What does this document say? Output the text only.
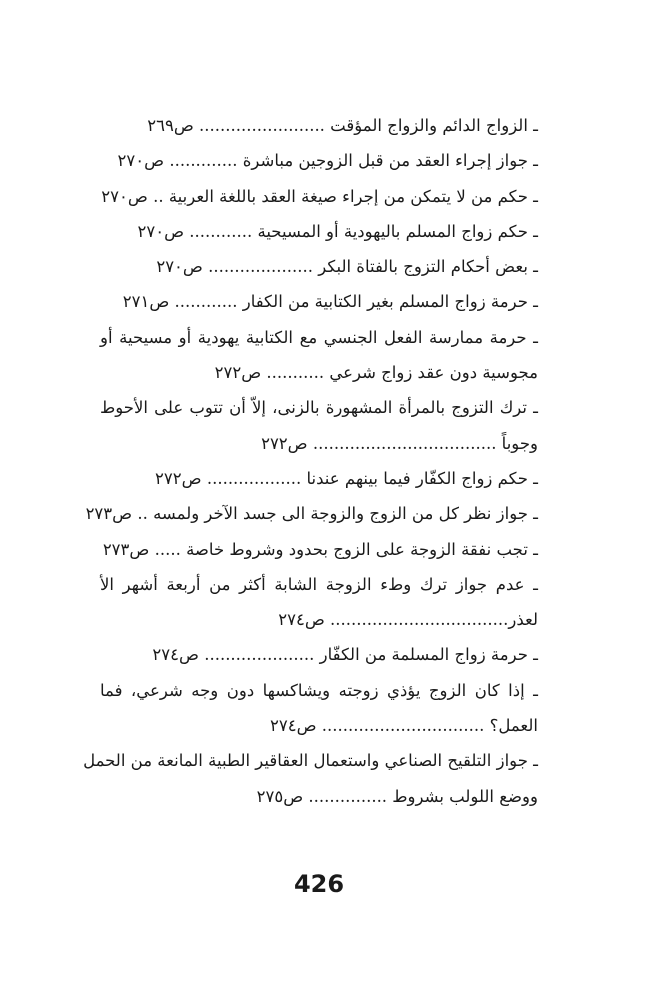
ـ الزواج الدائم والزواج المؤقت ........................ ص٢٦٩
ـ جواز إجراء العقد من قبل الزوجين مباشرة ............. ص٢٧٠
ـ حكم من لا يتمكن من إجراء صيغة العقد باللغة العربية .. ص٢٧٠
ـ حكم زواج المسلم باليهودية أو المسيحية ............ ص٢٧٠
ـ بعض أحكام التزوج بالفتاة البكر .................... ص٢٧٠
ـ حرمة زواج المسلم بغير الكتابية من الكفار ............ ص٢٧١
ـ حرمة ممارسة الفعل الجنسي مع الكتابية يهودية أو مسيحية أو
مجوسية دون عقد زواج شرعي ........... ص٢٧٢
ـ ترك التزوج بالمرأة المشهورة بالزنى، إلاّ أن تتوب على الأحوط
وجوباً ................................... ص٢٧٢
ـ حكم زواج الكفّار فيما بينهم عندنا .................. ص٢٧٢
ـ جواز نظر كل من الزوج والزوجة الى جسد الآخر ولمسه .. ص٢٧٣
ـ تجب نفقة الزوجة على الزوج بحدود وشروط خاصة ..... ص٢٧٣
ـ عدم جواز ترك وطء الزوجة الشابة أكثر من أربعة أشهر الأ
لعذر.................................. ص٢٧٤
ـ حرمة زواج المسلمة من الكفّار ..................... ص٢٧٤
ـ إذا كان الزوج يؤذي زوجته ويشاكسها دون وجه شرعي، فما
العمل؟ ............................... ص٢٧٤
ـ جواز التلقيح الصناعي واستعمال العقاقير الطبية المانعة من الحمل
ووضع اللولب بشروط ............... ص٢٧٥
426
